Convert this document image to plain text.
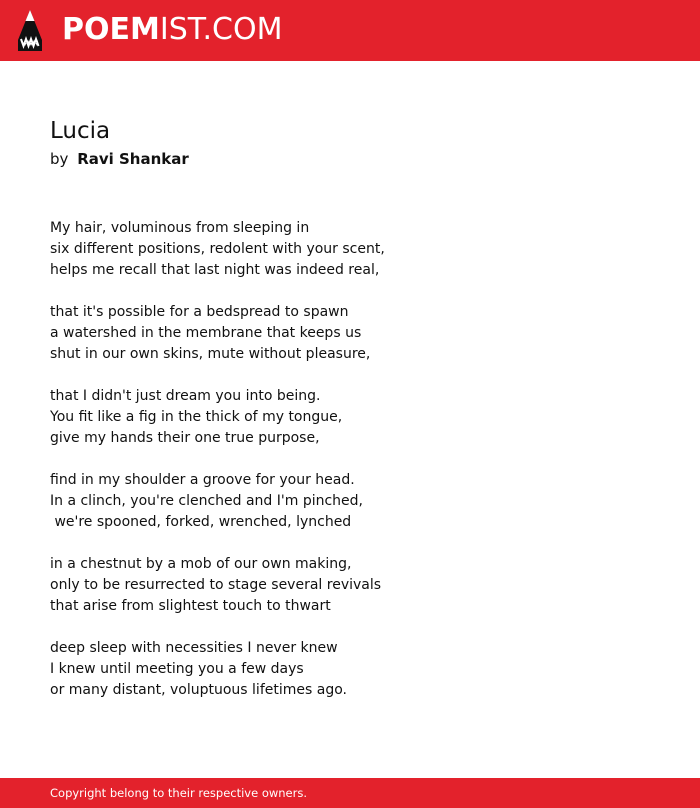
POEMIST.COM
Lucia
by Ravi Shankar
My hair, voluminous from sleeping in
six different positions, redolent with your scent,
helps me recall that last night was indeed real,
that it's possible for a bedspread to spawn
a watershed in the membrane that keeps us
shut in our own skins, mute without pleasure,
that I didn't just dream you into being.
You fit like a fig in the thick of my tongue,
give my hands their one true purpose,
find in my shoulder a groove for your head.
In a clinch, you're clenched and I'm pinched,
we're spooned, forked, wrenched, lynched
in a chestnut by a mob of our own making,
only to be resurrected to stage several revivals
that arise from slightest touch to thwart
deep sleep with necessities I never knew
I knew until meeting you a few days
or many distant, voluptuous lifetimes ago.
Copyright belong to their respective owners.
